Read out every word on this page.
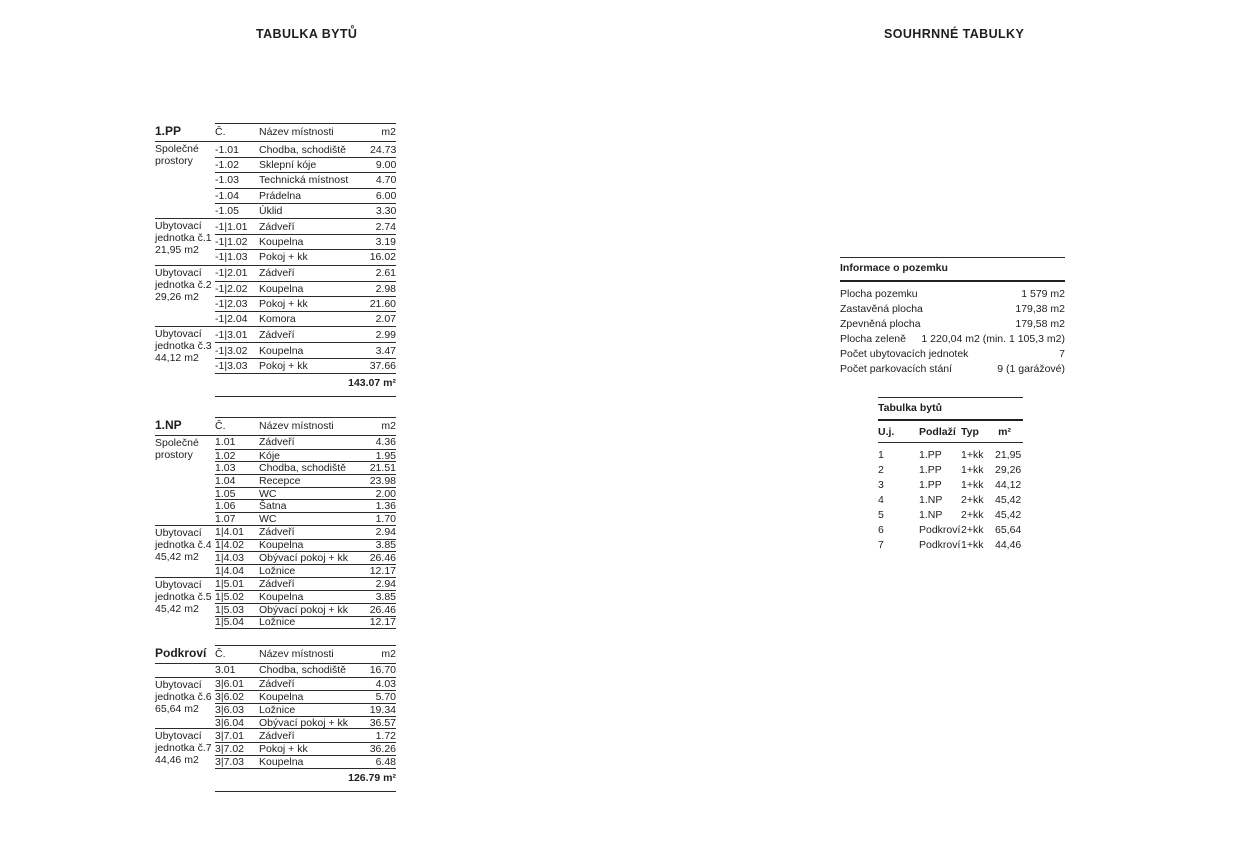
TABULKA BYTŮ	SOUHRNNÉ TABULKY
1.PP	Č.	Název místnosti	m2
Společné
prostory
-1.01	Chodba, schodiště	24.73
-1.02	Sklepní kóje	9.00
-1.03	Technická místnost	4.70
-1.04	Prádelna	6.00
-1.05	Úklid	3.30
Ubytovací
jednotka č.1
21,95 m2
-1|1.01	Zádveří	2.74
-1|1.02	Koupelna	3.19
-1|1.03	Pokoj + kk	16.02
Ubytovací
jednotka č.2
29,26 m2
-1|2.01	Zádveří	2.61
-1|2.02	Koupelna	2.98
-1|2.03	Pokoj + kk	21.60
-1|2.04	Komora	2.07
Ubytovací
jednotka č.3
44,12 m2
-1|3.01	Zádveří	2.99
-1|3.02	Koupelna	3.47
-1|3.03	Pokoj + kk	37.66
143.07 m²
1.NP	Č.	Název místnosti	m2
Společné
prostory
1.01	Zádveří	4.36
1.02	Kóje	1.95
1.03	Chodba, schodiště	21.51
1.04	Recepce	23.98
1.05	WC	2.00
1.06	Šatna	1.36
1.07	WC	1.70
Ubytovací
jednotka č.4
45,42 m2
1|4.01	Zádveří	2.94
1|4.02	Koupelna	3.85
1|4.03	Obývací pokoj + kk	26.46
1|4.04	Ložnice	12.17
Ubytovací
jednotka č.5
45,42 m2
1|5.01	Zádveří	2.94
1|5.02	Koupelna	3.85
1|5.03	Obývací pokoj + kk	26.46
1|5.04	Ložnice	12.17
Podkroví Č.	Název místnosti	m2
3.01	Chodba, schodiště	16.70
Ubytovací
jednotka č.6
65,64 m2
3|6.01	Zádveří	4.03
3|6.02	Koupelna	5.70
3|6.03	Ložnice	19.34
3|6.04	Obývací pokoj + kk	36.57
Ubytovací
jednotka č.7
44,46 m2
3|7.01	Zádveří	1.72
3|7.02	Pokoj + kk	36.26
3|7.03	Koupelna	6.48
126.79 m²
Informace o pozemku
Plocha pozemku	1 579 m2
Zastavěná plocha	179,38 m2
Zpevněná plocha	179,58 m2
Plocha zeleně 1 220,04 m2 (min. 1 105,3 m2)
Počet ubytovacích jednotek	7
Počet parkovacích stání	9 (1 garážové)
Tabulka bytů
U.j.	Podlaží Typ	m²
1	1.PP	1+kk	21,95
2	1.PP	1+kk	29,26
3	1.PP	1+kk	44,12
4	1.NP	2+kk	45,42
5	1.NP	2+kk	45,42
6	Podkroví 2+kk	65,64
7	Podkroví 1+kk	44,46
